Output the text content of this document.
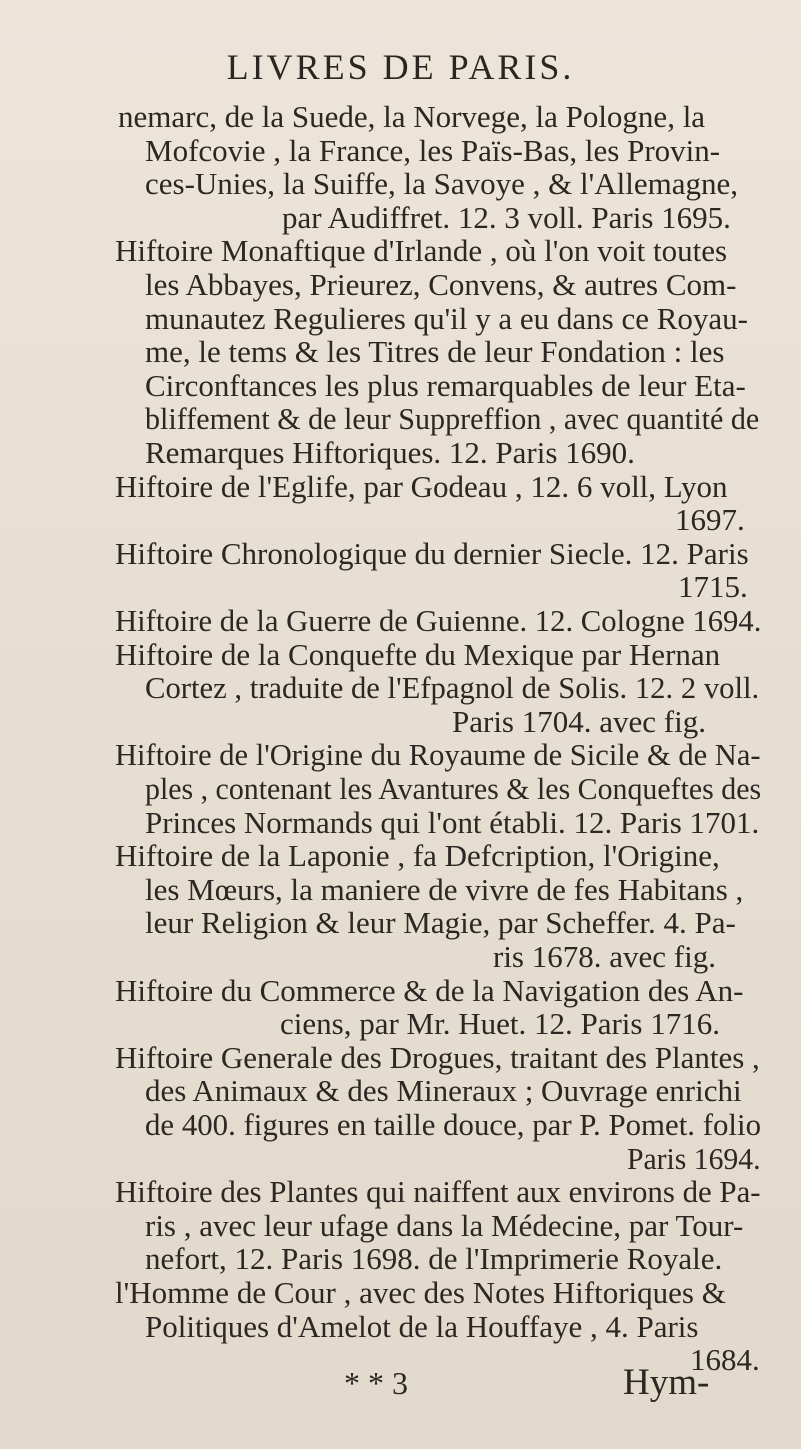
LIVRES DE PARIS.
nemarc, de la Suede, la Norvege, la Pologne, la
Mofcovie , la France, les Païs-Bas, les Provin-
ces-Unies, la Suiffe, la Savoye , & l'Allemagne,
par Audiffret. 12. 3 voll. Paris 1695.
Hiftoire Monaftique d'Irlande , où l'on voit toutes
les Abbayes, Prieurez, Convens, & autres Com-
munautez Regulieres qu'il y a eu dans ce Royau-
me, le tems & les Titres de leur Fondation : les
Circonftances les plus remarquables de leur Eta-
bliffement & de leur Suppreffion , avec quantité de
Remarques Hiftoriques. 12. Paris 1690.
Hiftoire de l'Eglife, par Godeau , 12. 6 voll, Lyon
1697.
Hiftoire Chronologique du dernier Siecle. 12. Paris
1715.
Hiftoire de la Guerre de Guienne. 12. Cologne 1694.
Hiftoire de la Conquefte du Mexique par Hernan
Cortez , traduite de l'Efpagnol de Solis. 12. 2 voll.
Paris 1704. avec fig.
Hiftoire de l'Origine du Royaume de Sicile & de Na-
ples , contenant les Avantures & les Conqueftes des
Princes Normands qui l'ont établi. 12. Paris 1701.
Hiftoire de la Laponie , fa Defcription, l'Origine,
les Mœurs, la maniere de vivre de fes Habitans ,
leur Religion & leur Magie, par Scheffer. 4. Pa-
ris 1678. avec fig.
Hiftoire du Commerce & de la Navigation des An-
ciens, par Mr. Huet. 12. Paris 1716.
Hiftoire Generale des Drogues, traitant des Plantes ,
des Animaux & des Mineraux ; Ouvrage enrichi
de 400. figures en taille douce, par P. Pomet. folio
Paris 1694.
Hiftoire des Plantes qui naiffent aux environs de Pa-
ris , avec leur ufage dans la Médecine, par Tour-
nefort, 12. Paris 1698. de l'Imprimerie Royale.
l'Homme de Cour , avec des Notes Hiftoriques &
Politiques d'Amelot de la Houffaye , 4. Paris
1684.
* * 3	Hym-
